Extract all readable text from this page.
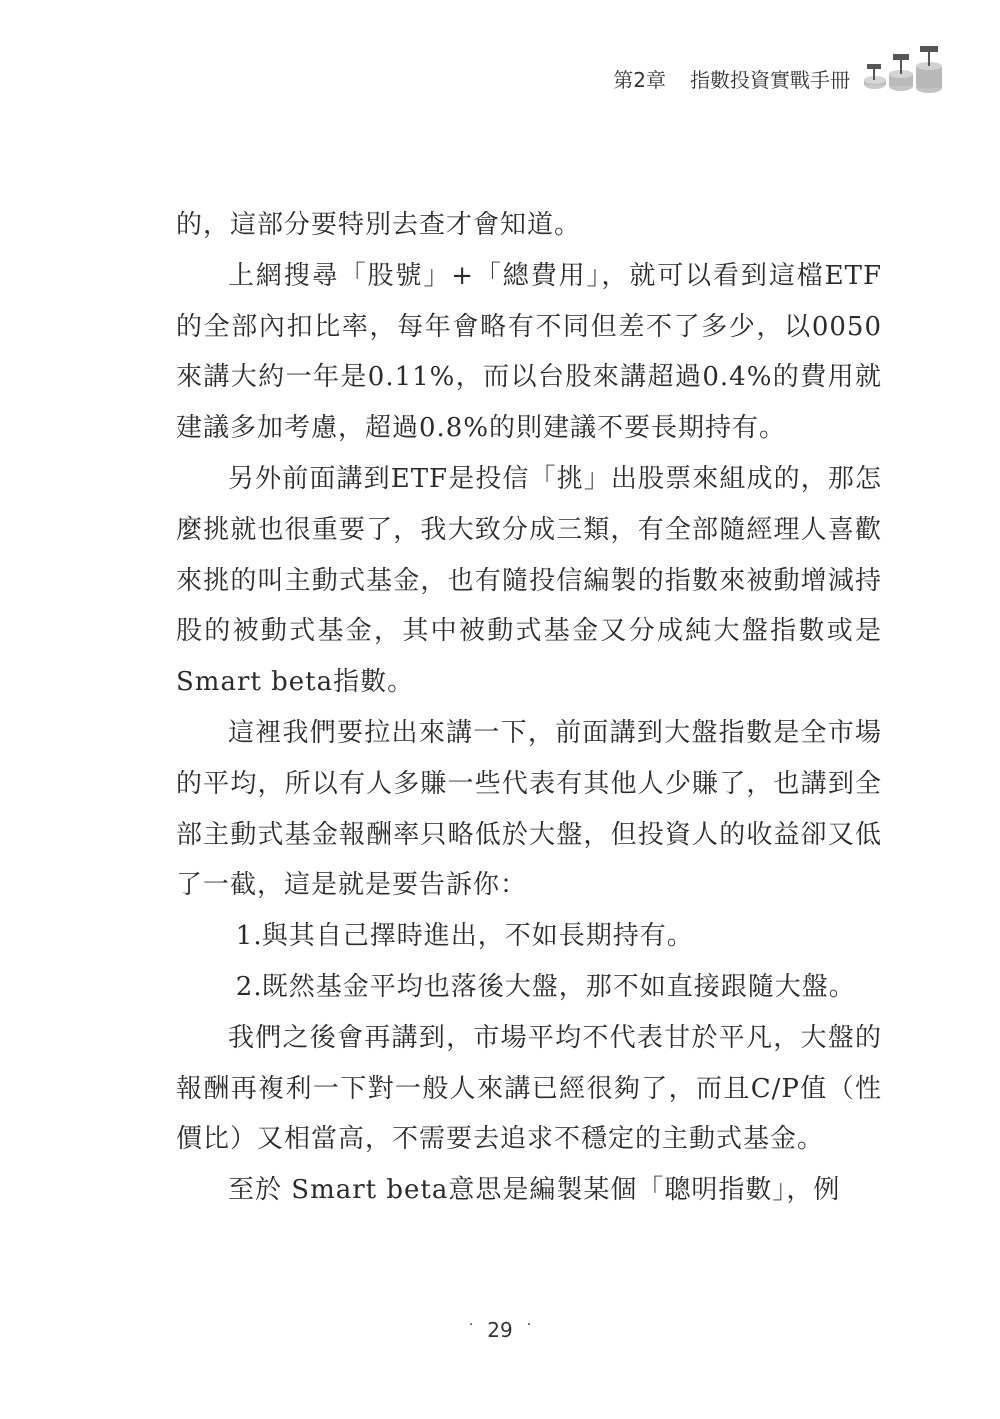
第2章 指數投資實戰手冊

的，這部分要特別去查才會知道。

上網搜尋「股號」+「總費用」，就可以看到這檔ETF的全部內扣比率，每年會略有不同但差不了多少，以0050來講大約一年是0.11%，而以台股來講超過0.4%的費用就建議多加考慮，超過0.8%的則建議不要長期持有。

另外前面講到ETF是投信「挑」出股票來組成的，那怎麼挑就也很重要了，我大致分成三類，有全部隨經理人喜歡來挑的叫主動式基金，也有隨投信編製的指數來被動增減持股的被動式基金，其中被動式基金又分成純大盤指數或是Smart beta指數。

這裡我們要拉出來講一下，前面講到大盤指數是全市場的平均，所以有人多賺一些代表有其他人少賺了，也講到全部主動式基金報酬率只略低於大盤，但投資人的收益卻又低了一截，這是就是要告訴你：

1.與其自己擇時進出，不如長期持有。

2.既然基金平均也落後大盤，那不如直接跟隨大盤。

我們之後會再講到，市場平均不代表甘於平凡，大盤的報酬再複利一下對一般人來講已經很夠了，而且C/P值（性價比）又相當高，不需要去追求不穩定的主動式基金。

至於 Smart beta意思是編製某個「聰明指數」，例

· 29 ·
